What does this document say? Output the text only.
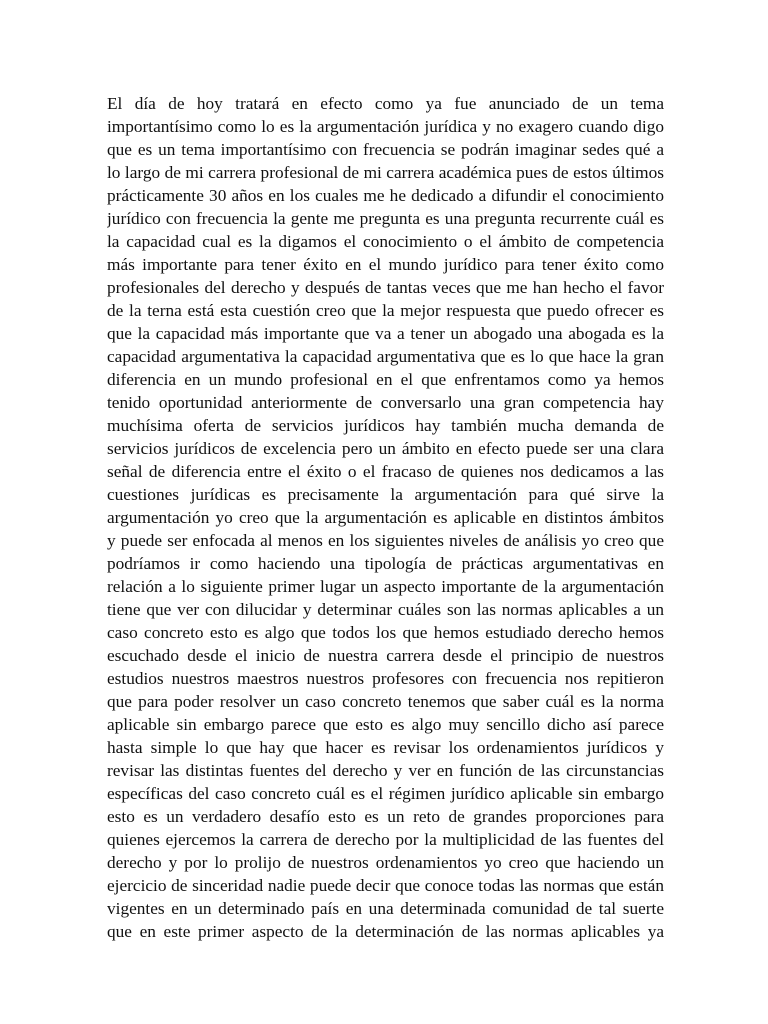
El día de hoy tratará en efecto como ya fue anunciado de un tema
importantísimo como lo es la argumentación jurídica y no exagero cuando digo
que es un tema importantísimo con frecuencia se podrán imaginar sedes qué a
lo largo de mi carrera profesional de mi carrera académica pues de estos últimos
prácticamente 30 años en los cuales me he dedicado a difundir el conocimiento
jurídico con frecuencia la gente me pregunta es una pregunta recurrente cuál es
la capacidad cual es la digamos el conocimiento o el ámbito de competencia
más importante para tener éxito en el mundo jurídico para tener éxito como
profesionales del derecho y después de tantas veces que me han hecho el favor
de la terna está esta cuestión creo que la mejor respuesta que puedo ofrecer es
que la capacidad más importante que va a tener un abogado una abogada es la
capacidad argumentativa la capacidad argumentativa que es lo que hace la gran
diferencia en un mundo profesional en el que enfrentamos como ya hemos
tenido oportunidad anteriormente de conversarlo una gran competencia hay
muchísima oferta de servicios jurídicos hay también mucha demanda de
servicios jurídicos de excelencia pero un ámbito en efecto puede ser una clara
señal de diferencia entre el éxito o el fracaso de quienes nos dedicamos a las
cuestiones jurídicas es precisamente la argumentación para qué sirve la
argumentación yo creo que la argumentación es aplicable en distintos ámbitos
y puede ser enfocada al menos en los siguientes niveles de análisis yo creo que
podríamos ir como haciendo una tipología de prácticas argumentativas en
relación a lo siguiente primer lugar un aspecto importante de la argumentación
tiene que ver con dilucidar y determinar cuáles son las normas aplicables a un
caso concreto esto es algo que todos los que hemos estudiado derecho hemos
escuchado desde el inicio de nuestra carrera desde el principio de nuestros
estudios nuestros maestros nuestros profesores con frecuencia nos repitieron
que para poder resolver un caso concreto tenemos que saber cuál es la norma
aplicable sin embargo parece que esto es algo muy sencillo dicho así parece
hasta simple lo que hay que hacer es revisar los ordenamientos jurídicos y
revisar las distintas fuentes del derecho y ver en función de las circunstancias
específicas del caso concreto cuál es el régimen jurídico aplicable sin embargo
esto es un verdadero desafío esto es un reto de grandes proporciones para
quienes ejercemos la carrera de derecho por la multiplicidad de las fuentes del
derecho y por lo prolijo de nuestros ordenamientos yo creo que haciendo un
ejercicio de sinceridad nadie puede decir que conoce todas las normas que están
vigentes en un determinado país en una determinada comunidad de tal suerte
que en este primer aspecto de la determinación de las normas aplicables ya
